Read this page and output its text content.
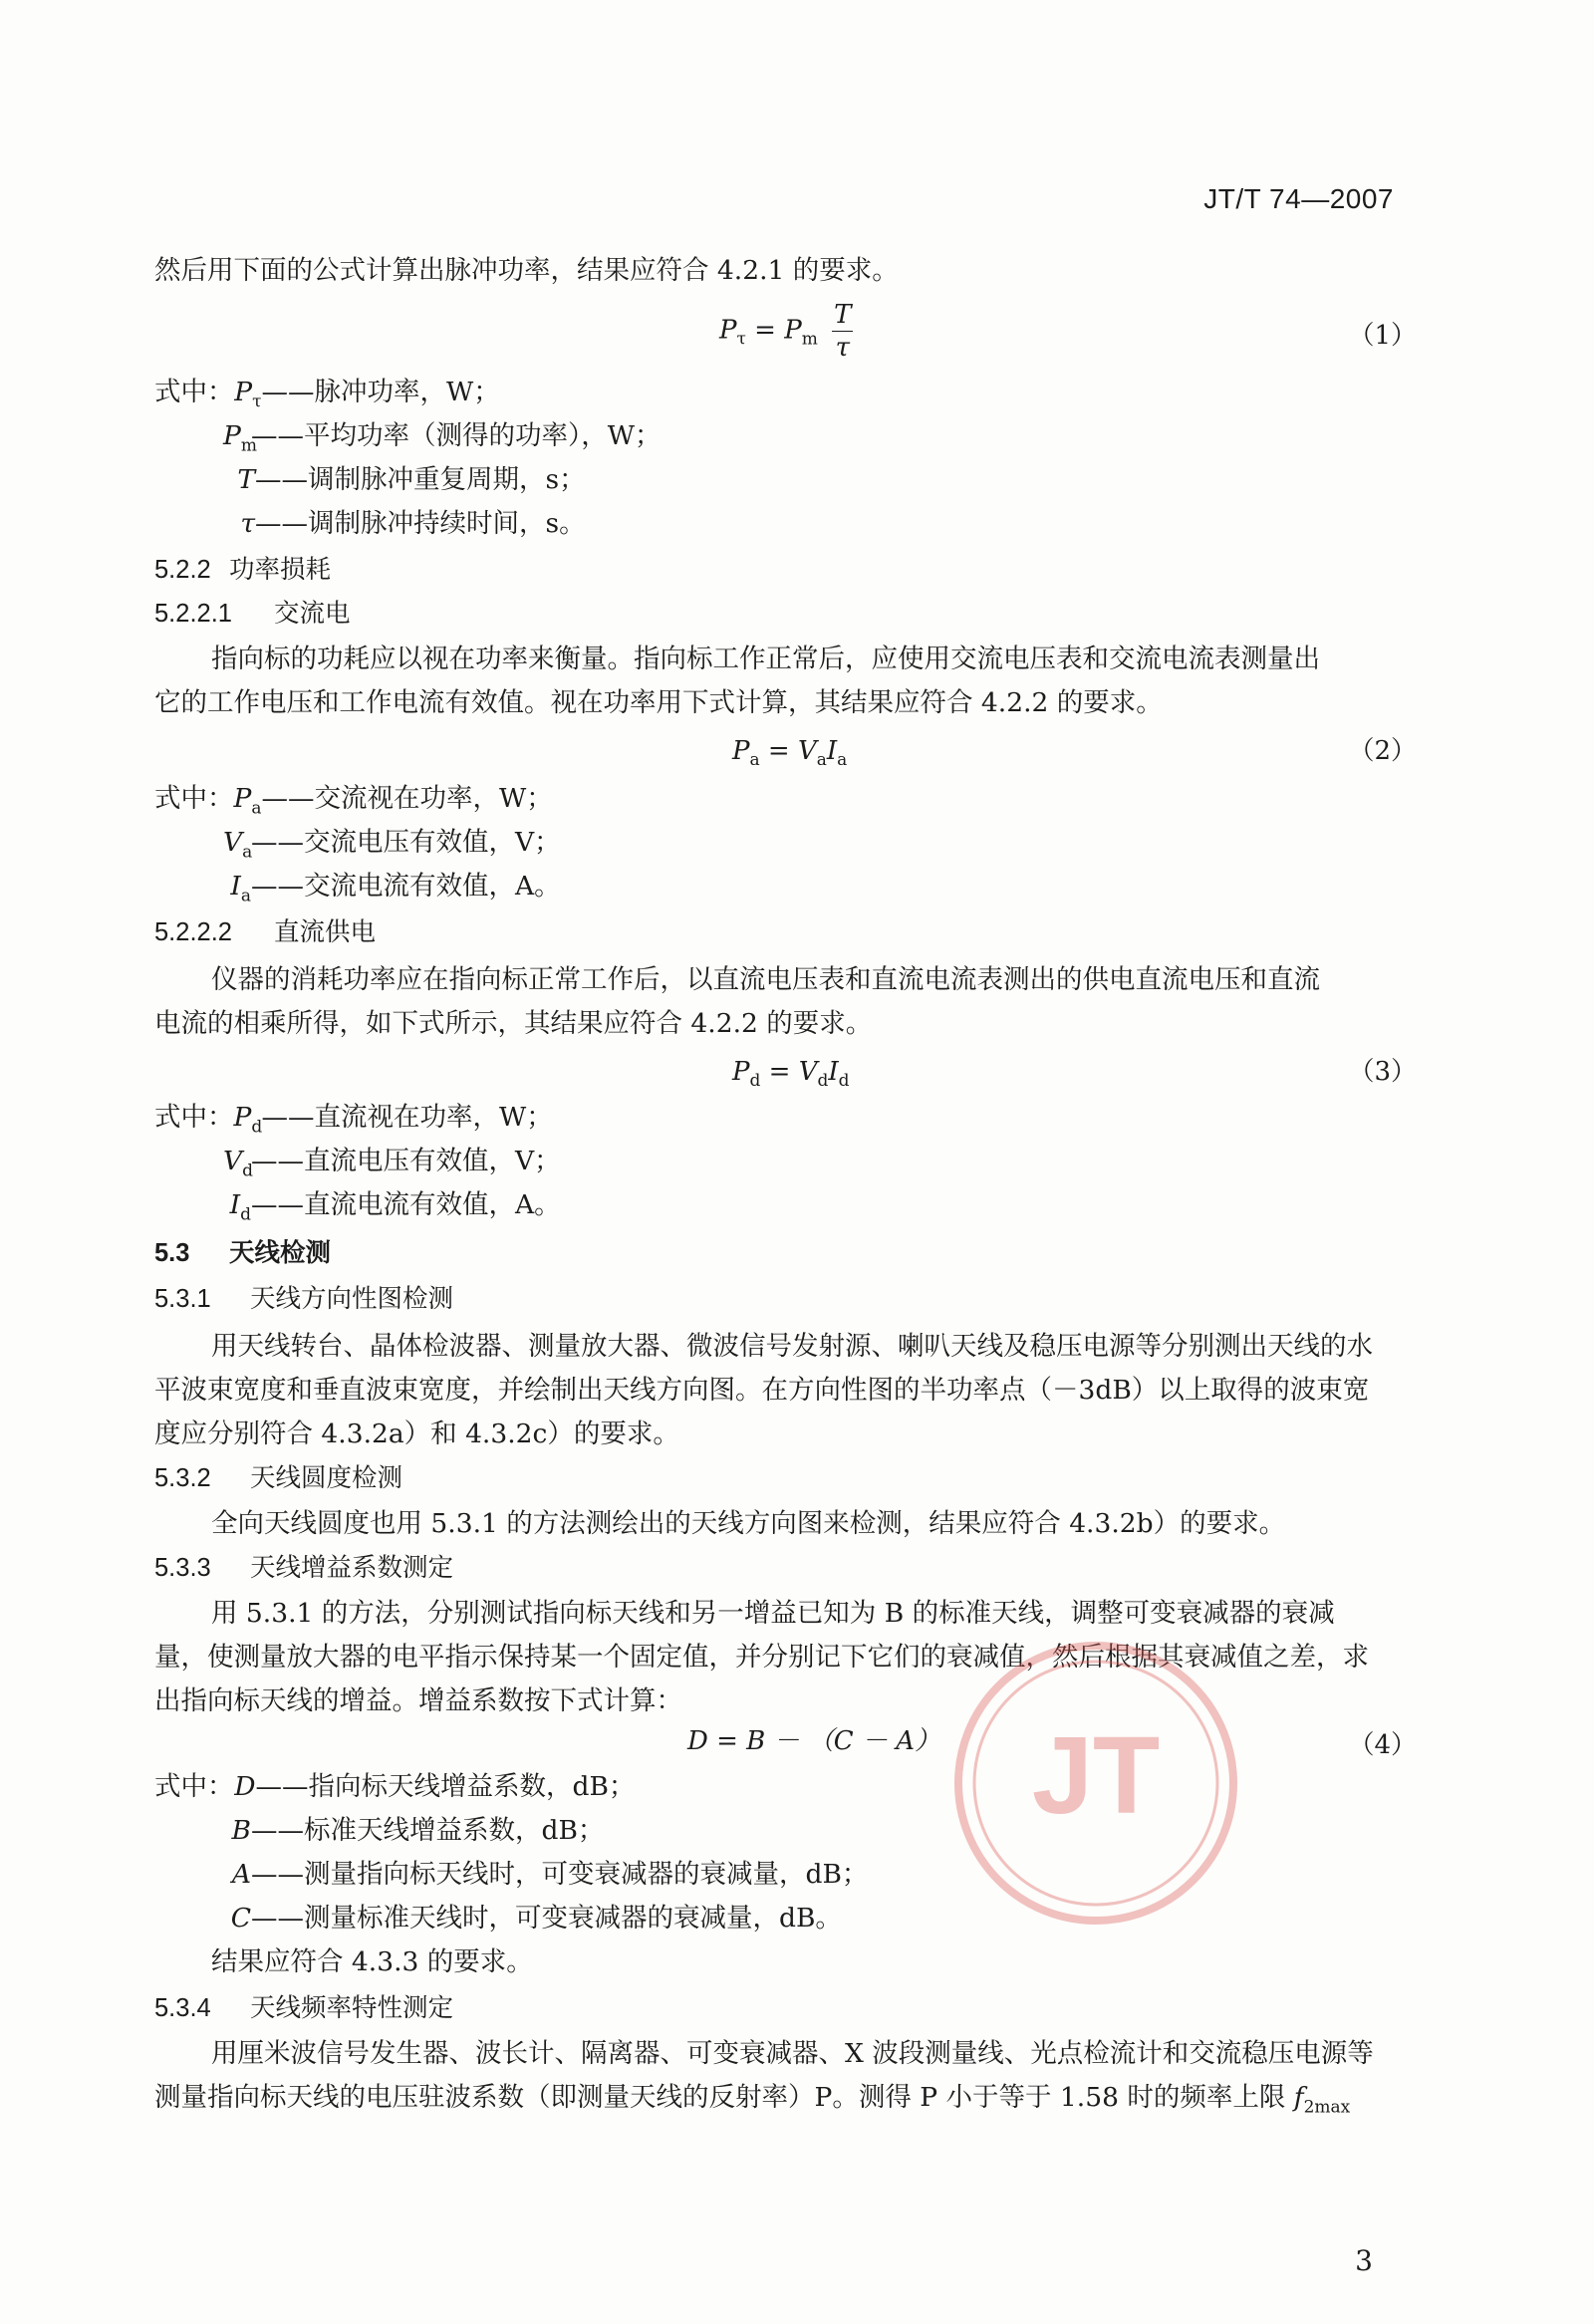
JT/T 74—2007
然后用下面的公式计算出脉冲功率，结果应符合 4.2.1 的要求。
$P_\tau = P_m \frac{T}{\tau}$	（1）
式中：$P_\tau——$脉冲功率，W；
$P_m——$平均功率（测得的功率），W；
T——调制脉冲重复周期，s；
τ——调制脉冲持续时间，s。
5.2.2 功率损耗
5.2.2.1 交流电
指向标的功耗应以视在功率来衡量。指向标工作正常后，应使用交流电压表和交流电流表测量出
它的工作电压和工作电流有效值。视在功率用下式计算，其结果应符合 4.2.2 的要求。
$P_a = V_aI_a$	（2）
式中：$P_a——$交流视在功率，W；
$V_a——$交流电压有效值，V；
$I_a——$交流电流有效值，A。
5.2.2.2 直流供电
仪器的消耗功率应在指向标正常工作后，以直流电压表和直流电流表测出的供电直流电压和直流
电流的相乘所得，如下式所示，其结果应符合 4.2.2 的要求。
$P_d = V_dI_d$	（3）
式中：$P_d——$直流视在功率，W；
$V_d——$直流电压有效值，V；
$I_d——$直流电流有效值，A。
5.3 天线检测
5.3.1 天线方向性图检测
用天线转台、晶体检波器、测量放大器、微波信号发射源、喇叭天线及稳压电源等分别测出天线的水
平波束宽度和垂直波束宽度，并绘制出天线方向图。在方向性图的半功率点（－3dB）以上取得的波束宽
度应分别符合 4.3.2a）和 4.3.2c）的要求。
5.3.2 天线圆度检测
全向天线圆度也用 5.3.1 的方法测绘出的天线方向图来检测，结果应符合 4.3.2b）的要求。
5.3.3 天线增益系数测定
用 5.3.1 的方法，分别测试指向标天线和另一增益已知为 B 的标准天线，调整可变衰减器的衰减
量，使测量放大器的电平指示保持某一个固定值，并分别记下它们的衰减值，然后根据其衰减值之差，求
出指向标天线的增益。增益系数按下式计算：
D = B － （C － A）	（4）
式中：D——指向标天线增益系数，dB；
B——标准天线增益系数，dB；
A——测量指向标天线时，可变衰减器的衰减量，dB；
C——测量标准天线时，可变衰减器的衰减量，dB。
结果应符合 4.3.3 的要求。
5.3.4 天线频率特性测定
用厘米波信号发生器、波长计、隔离器、可变衰减器、X 波段测量线、光点检流计和交流稳压电源等
测量指向标天线的电压驻波系数（即测量天线的反射率）P。测得 P 小于等于 1.58 时的频率上限 $f_{2max}$
JT
3
